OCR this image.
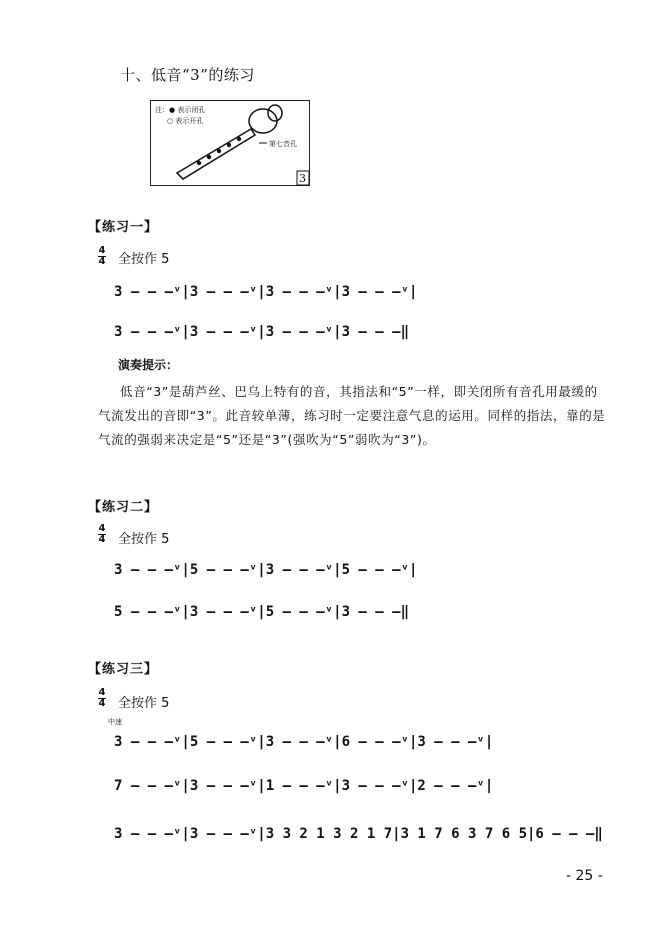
十、低音“3”的练习
注：● 表示闭孔
○ 表示开孔
第七音孔
3
【练习一】
4
4 全按作 5
3 – – –ᵛ|3 – – –ᵛ|3 – – –ᵛ|3 – – –ᵛ|
3 – – –ᵛ|3 – – –ᵛ|3 – – –ᵛ|3 – – –‖
演奏提示：
低音“3”是葫芦丝、巴乌上特有的音，其指法和“5”一样，即关闭所有音孔用最缓的气流发出的音即“3”。此音较单薄，练习时一定要注意气息的运用。同样的指法，靠的是气流的强弱来决定是“5”还是“3”(强吹为“5”弱吹为“3”)。
【练习二】
4
4 全按作 5
3 – – –ᵛ|5 – – –ᵛ|3 – – –ᵛ|5 – – –ᵛ|
5 – – –ᵛ|3 – – –ᵛ|5 – – –ᵛ|3 – – –‖
【练习三】
4
4 全按作 5
中速
3 – – –ᵛ|5 – – –ᵛ|3 – – –ᵛ|6 – – –ᵛ|3 – – –ᵛ|
7 – – –ᵛ|3 – – –ᵛ|1 – – –ᵛ|3 – – –ᵛ|2 – – –ᵛ|
3 – – –ᵛ|3 – – –ᵛ|3 3 2 1 3 2 1 7|3 1 7 6 3 7 6 5|6 – – –‖
- 25 -
